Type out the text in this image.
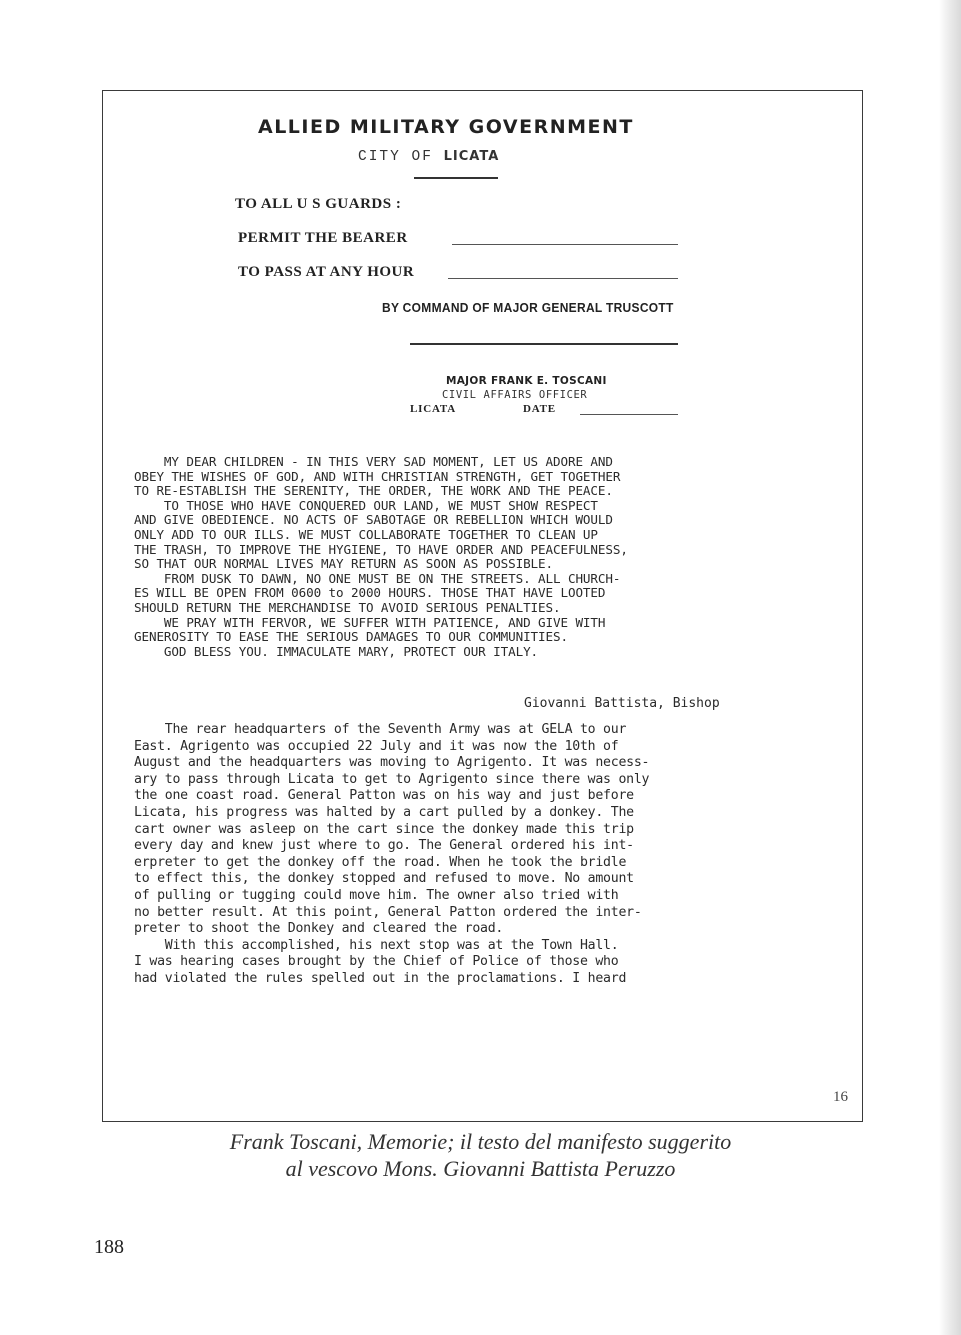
ALLIED MILITARY GOVERNMENT
CITY OF LICATA
TO ALL U S GUARDS :
PERMIT THE BEARER
TO PASS AT ANY HOUR
BY COMMAND OF MAJOR GENERAL TRUSCOTT
MAJOR FRANK E. TOSCANI
CIVIL AFFAIRS OFFICER
LICATA	DATE

MY DEAR CHILDREN - IN THIS VERY SAD MOMENT, LET US ADORE AND

OBEY THE WISHES OF GOD, AND WITH CHRISTIAN STRENGTH, GET TOGETHER

TO RE-ESTABLISH THE SERENITY, THE ORDER, THE WORK AND THE PEACE.

TO THOSE WHO HAVE CONQUERED OUR LAND, WE MUST SHOW RESPECT

AND GIVE OBEDIENCE. NO ACTS OF SABOTAGE OR REBELLION WHICH WOULD

ONLY ADD TO OUR ILLS. WE MUST COLLABORATE TOGETHER TO CLEAN UP

THE TRASH, TO IMPROVE THE HYGIENE, TO HAVE ORDER AND PEACEFULNESS,

SO THAT OUR NORMAL LIVES MAY RETURN AS SOON AS POSSIBLE.

FROM DUSK TO DAWN, NO ONE MUST BE ON THE STREETS. ALL CHURCH-

ES WILL BE OPEN FROM 0600 to 2000 HOURS. THOSE THAT HAVE LOOTED

SHOULD RETURN THE MERCHANDISE TO AVOID SERIOUS PENALTIES.

WE PRAY WITH FERVOR, WE SUFFER WITH PATIENCE, AND GIVE WITH

GENEROSITY TO EASE THE SERIOUS DAMAGES TO OUR COMMUNITIES.

GOD BLESS YOU. IMMACULATE MARY, PROTECT OUR ITALY.

Giovanni Battista, Bishop

The rear headquarters of the Seventh Army was at GELA to our

East. Agrigento was occupied 22 July and it was now the 10th of

August and the headquarters was moving to Agrigento. It was necess-

ary to pass through Licata to get to Agrigento since there was only

the one coast road. General Patton was on his way and just before

Licata, his progress was halted by a cart pulled by a donkey. The

cart owner was asleep on the cart since the donkey made this trip

every day and knew just where to go. The General ordered his int-

erpreter to get the donkey off the road. When he took the bridle

to effect this, the donkey stopped and refused to move. No amount

of pulling or tugging could move him. The owner also tried with

no better result. At this point, General Patton ordered the inter-

preter to shoot the Donkey and cleared the road.

With this accomplished, his next stop was at the Town Hall.

I was hearing cases brought by the Chief of Police of those who

had violated the rules spelled out in the proclamations. I heard

16
Frank Toscani, Memorie; il testo del manifesto suggerito
al vescovo Mons. Giovanni Battista Peruzzo
188
